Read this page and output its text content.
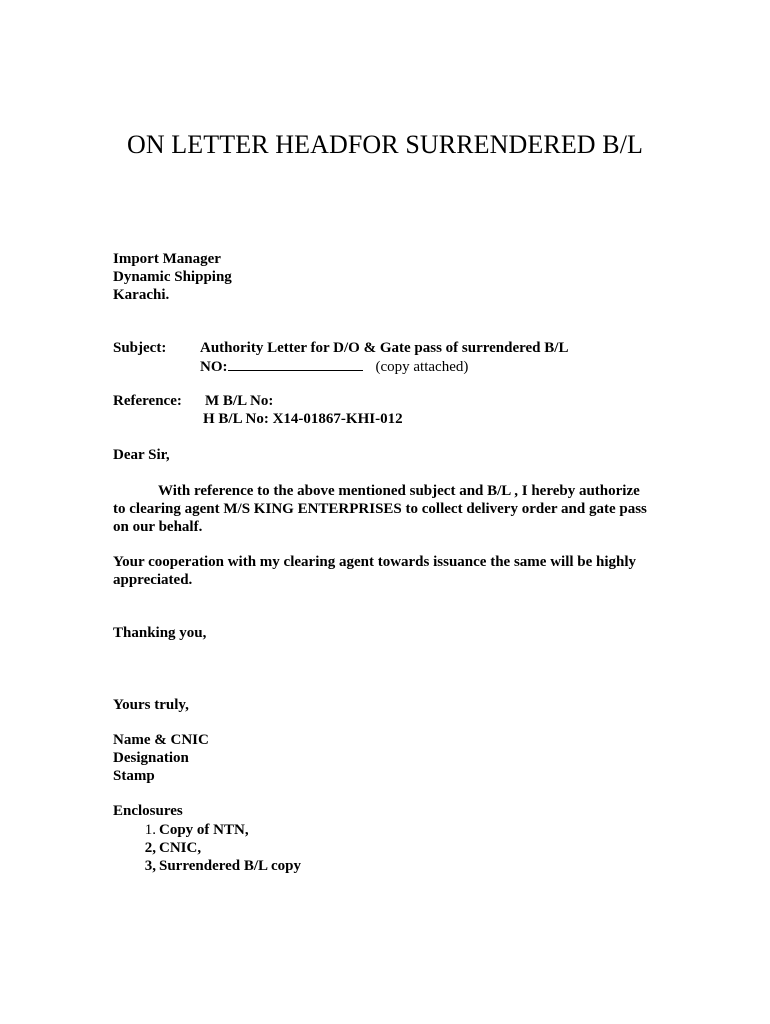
ON LETTER HEADFOR SURRENDERED B/L
Import Manager
Dynamic Shipping
Karachi.
Subject: Authority Letter for D/O & Gate pass of surrendered B/L
NO:	(copy attached)
Reference: M B/L No:
H B/L No: X14-01867-KHI-012
Dear Sir,
With reference to the above mentioned subject and B/L , I hereby authorize
to clearing agent M/S KING ENTERPRISES to collect delivery order and gate pass
on our behalf.
Your cooperation with my clearing agent towards issuance the same will be highly
appreciated.
Thanking you,
Yours truly,
Name & CNIC
Designation
Stamp
Enclosures
1. Copy of NTN,
2, CNIC,
3, Surrendered B/L copy
